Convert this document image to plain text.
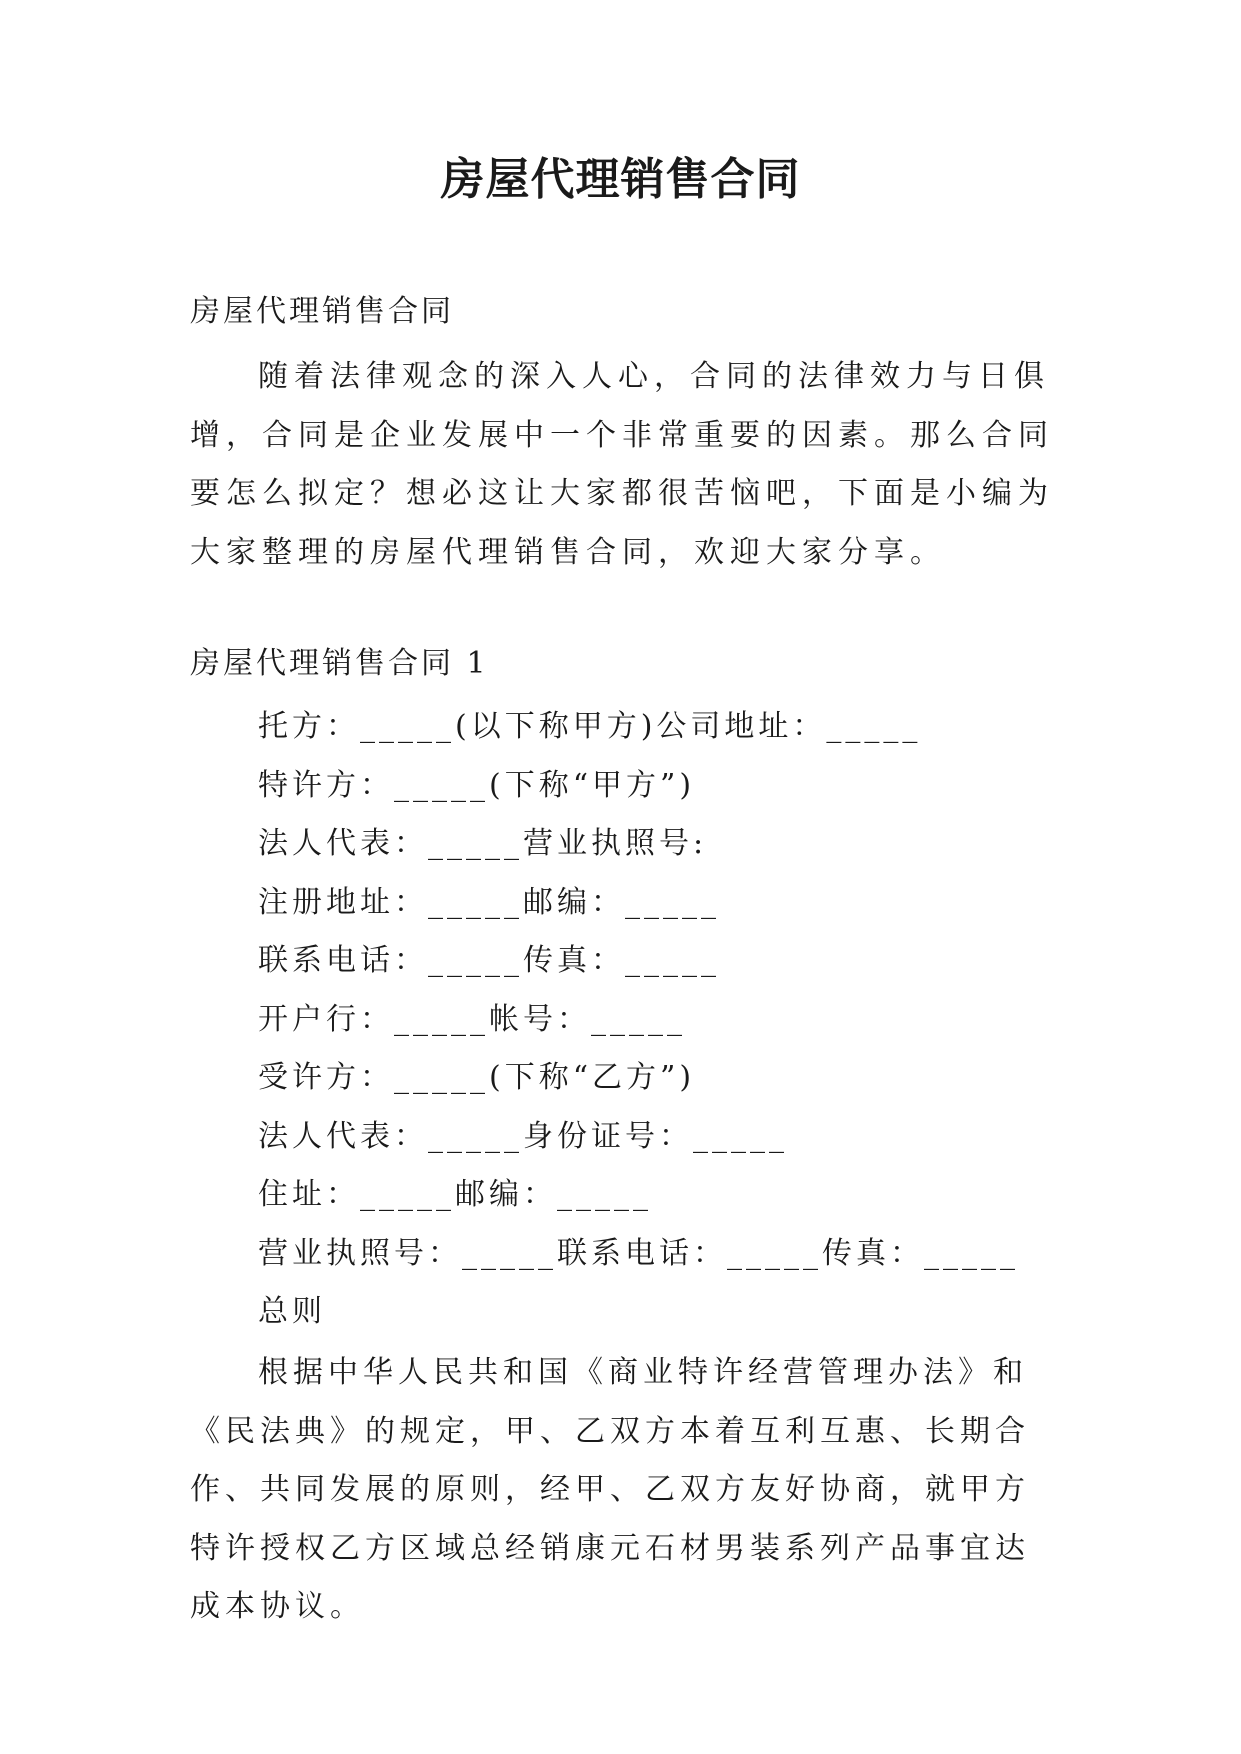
房屋代理销售合同
房屋代理销售合同
随着法律观念的深入人心，合同的法律效力与日俱增，合同是企业发展中一个非常重要的因素。那么合同要怎么拟定？想必这让大家都很苦恼吧，下面是小编为大家整理的房屋代理销售合同，欢迎大家分享。
房屋代理销售合同 1
托方：_____(以下称甲方)公司地址：_____
特许方：_____(下称“甲方”)
法人代表：_____营业执照号:
注册地址：_____邮编：_____
联系电话：_____传真：_____
开户行：_____帐号：_____
受许方：_____(下称“乙方”)
法人代表：_____身份证号：_____
住址：_____邮编：_____
营业执照号：_____联系电话：_____传真：_____
总则
根据中华人民共和国《商业特许经营管理办法》和《民法典》的规定，甲、乙双方本着互利互惠、长期合作、共同发展的原则，经甲、乙双方友好协商，就甲方特许授权乙方区域总经销康元石材男装系列产品事宜达成本协议。
